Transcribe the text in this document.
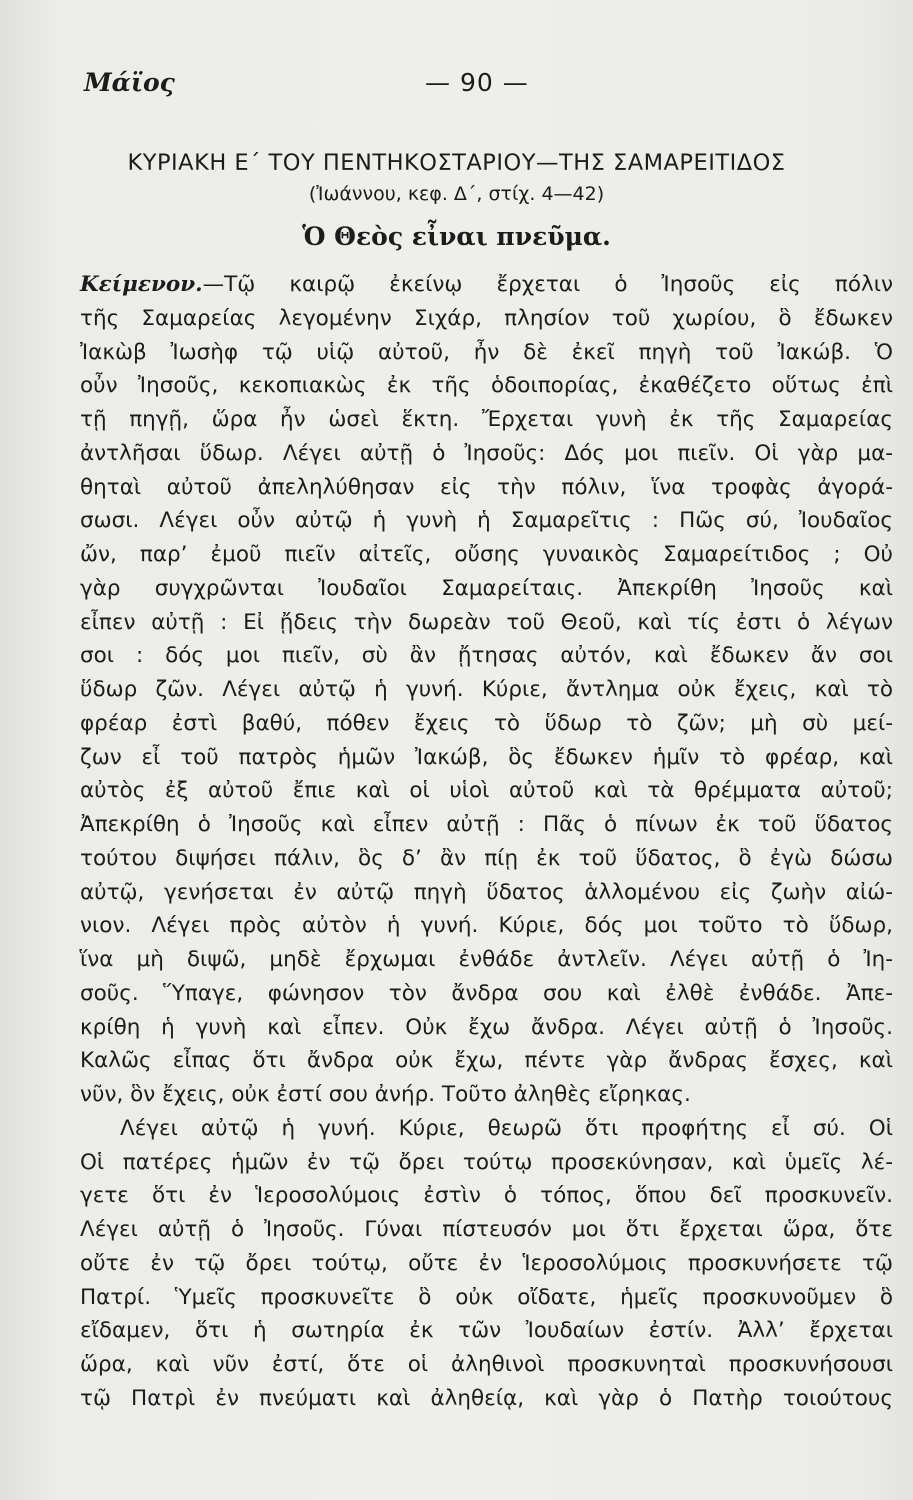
Μάϊος	— 90 —
ΚΥΡΙΑΚΗ Ε΄ ΤΟΥ ΠΕΝΤΗΚΟΣΤΑΡΙΟΥ—ΤΗΣ ΣΑΜΑΡΕΙΤΙΔΟΣ
(Ἰωάννου, κεφ. Δ΄, στίχ. 4—42)
Ὁ Θεὸς εἶναι πνεῦμα.
Κείμενον.—Τῷ καιρῷ ἐκείνῳ ἔρχεται ὁ Ἰησοῦς εἰς πόλιν
τῆς Σαμαρείας λεγομένην Σιχάρ, πλησίον τοῦ χωρίου, ὃ ἔδωκεν
Ἰακὼβ Ἰωσὴφ τῷ υἱῷ αὐτοῦ, ἦν δὲ ἐκεῖ πηγὴ τοῦ Ἰακώβ. Ὁ
οὖν Ἰησοῦς, κεκοπιακὼς ἐκ τῆς ὁδοιπορίας, ἐκαθέζετο οὕτως ἐπὶ
τῇ πηγῇ, ὥρα ἦν ὡσεὶ ἕκτη. Ἔρχεται γυνὴ ἐκ τῆς Σαμαρείας
ἀντλῆσαι ὕδωρ. Λέγει αὐτῇ ὁ Ἰησοῦς: Δός μοι πιεῖν. Οἱ γὰρ μα-
θηταὶ αὐτοῦ ἀπεληλύθησαν εἰς τὴν πόλιν, ἵνα τροφὰς ἀγορά-
σωσι. Λέγει οὖν αὐτῷ ἡ γυνὴ ἡ Σαμαρεῖτις : Πῶς σύ, Ἰουδαῖος
ὤν, παρ’ ἐμοῦ πιεῖν αἰτεῖς, οὔσης γυναικὸς Σαμαρείτιδος ; Οὐ
γὰρ συγχρῶνται Ἰουδαῖοι Σαμαρείταις. Ἀπεκρίθη Ἰησοῦς καὶ
εἶπεν αὐτῇ : Εἰ ᾔδεις τὴν δωρεὰν τοῦ Θεοῦ, καὶ τίς ἐστι ὁ λέγων
σοι : δός μοι πιεῖν, σὺ ἂν ᾔτησας αὐτόν, καὶ ἔδωκεν ἄν σοι
ὕδωρ ζῶν. Λέγει αὐτῷ ἡ γυνή. Κύριε, ἄντλημα οὐκ ἔχεις, καὶ τὸ
φρέαρ ἐστὶ βαθύ, πόθεν ἔχεις τὸ ὕδωρ τὸ ζῶν; μὴ σὺ μεί-
ζων εἶ τοῦ πατρὸς ἡμῶν Ἰακώβ, ὃς ἔδωκεν ἡμῖν τὸ φρέαρ, καὶ
αὐτὸς ἐξ αὐτοῦ ἔπιε καὶ οἱ υἱοὶ αὐτοῦ καὶ τὰ θρέμματα αὐτοῦ;
Ἀπεκρίθη ὁ Ἰησοῦς καὶ εἶπεν αὐτῇ : Πᾶς ὁ πίνων ἐκ τοῦ ὕδατος
τούτου διψήσει πάλιν, ὃς δ’ ἂν πίῃ ἐκ τοῦ ὕδατος, ὃ ἐγὼ δώσω
αὐτῷ, γενήσεται ἐν αὐτῷ πηγὴ ὕδατος ἁλλομένου εἰς ζωὴν αἰώ-
νιον. Λέγει πρὸς αὐτὸν ἡ γυνή. Κύριε, δός μοι τοῦτο τὸ ὕδωρ,
ἵνα μὴ διψῶ, μηδὲ ἔρχωμαι ἐνθάδε ἀντλεῖν. Λέγει αὐτῇ ὁ Ἰη-
σοῦς. Ὕπαγε, φώνησον τὸν ἄνδρα σου καὶ ἐλθὲ ἐνθάδε. Ἀπε-
κρίθη ἡ γυνὴ καὶ εἶπεν. Οὐκ ἔχω ἄνδρα. Λέγει αὐτῇ ὁ Ἰησοῦς.
Καλῶς εἶπας ὅτι ἄνδρα οὐκ ἔχω, πέντε γὰρ ἄνδρας ἔσχες, καὶ
νῦν, ὃν ἔχεις, οὐκ ἐστί σου ἀνήρ. Τοῦτο ἀληθὲς εἴρηκας.
Λέγει αὐτῷ ἡ γυνή. Κύριε, θεωρῶ ὅτι προφήτης εἶ σύ. Οἱ
Οἱ πατέρες ἡμῶν ἐν τῷ ὄρει τούτῳ προσεκύνησαν, καὶ ὑμεῖς λέ-
γετε ὅτι ἐν Ἱεροσολύμοις ἐστὶν ὁ τόπος, ὅπου δεῖ προσκυνεῖν.
Λέγει αὐτῇ ὁ Ἰησοῦς. Γύναι πίστευσόν μοι ὅτι ἔρχεται ὥρα, ὅτε
οὔτε ἐν τῷ ὄρει τούτῳ, οὔτε ἐν Ἱεροσολύμοις προσκυνήσετε τῷ
Πατρί. Ὑμεῖς προσκυνεῖτε ὃ οὐκ οἴδατε, ἡμεῖς προσκυνοῦμεν ὃ
εἴδαμεν, ὅτι ἡ σωτηρία ἐκ τῶν Ἰουδαίων ἐστίν. Ἀλλ’ ἔρχεται
ὥρα, καὶ νῦν ἐστί, ὅτε οἱ ἀληθινοὶ προσκυνηταὶ προσκυνήσουσι
τῷ Πατρὶ ἐν πνεύματι καὶ ἀληθείᾳ, καὶ γὰρ ὁ Πατὴρ τοιούτους
